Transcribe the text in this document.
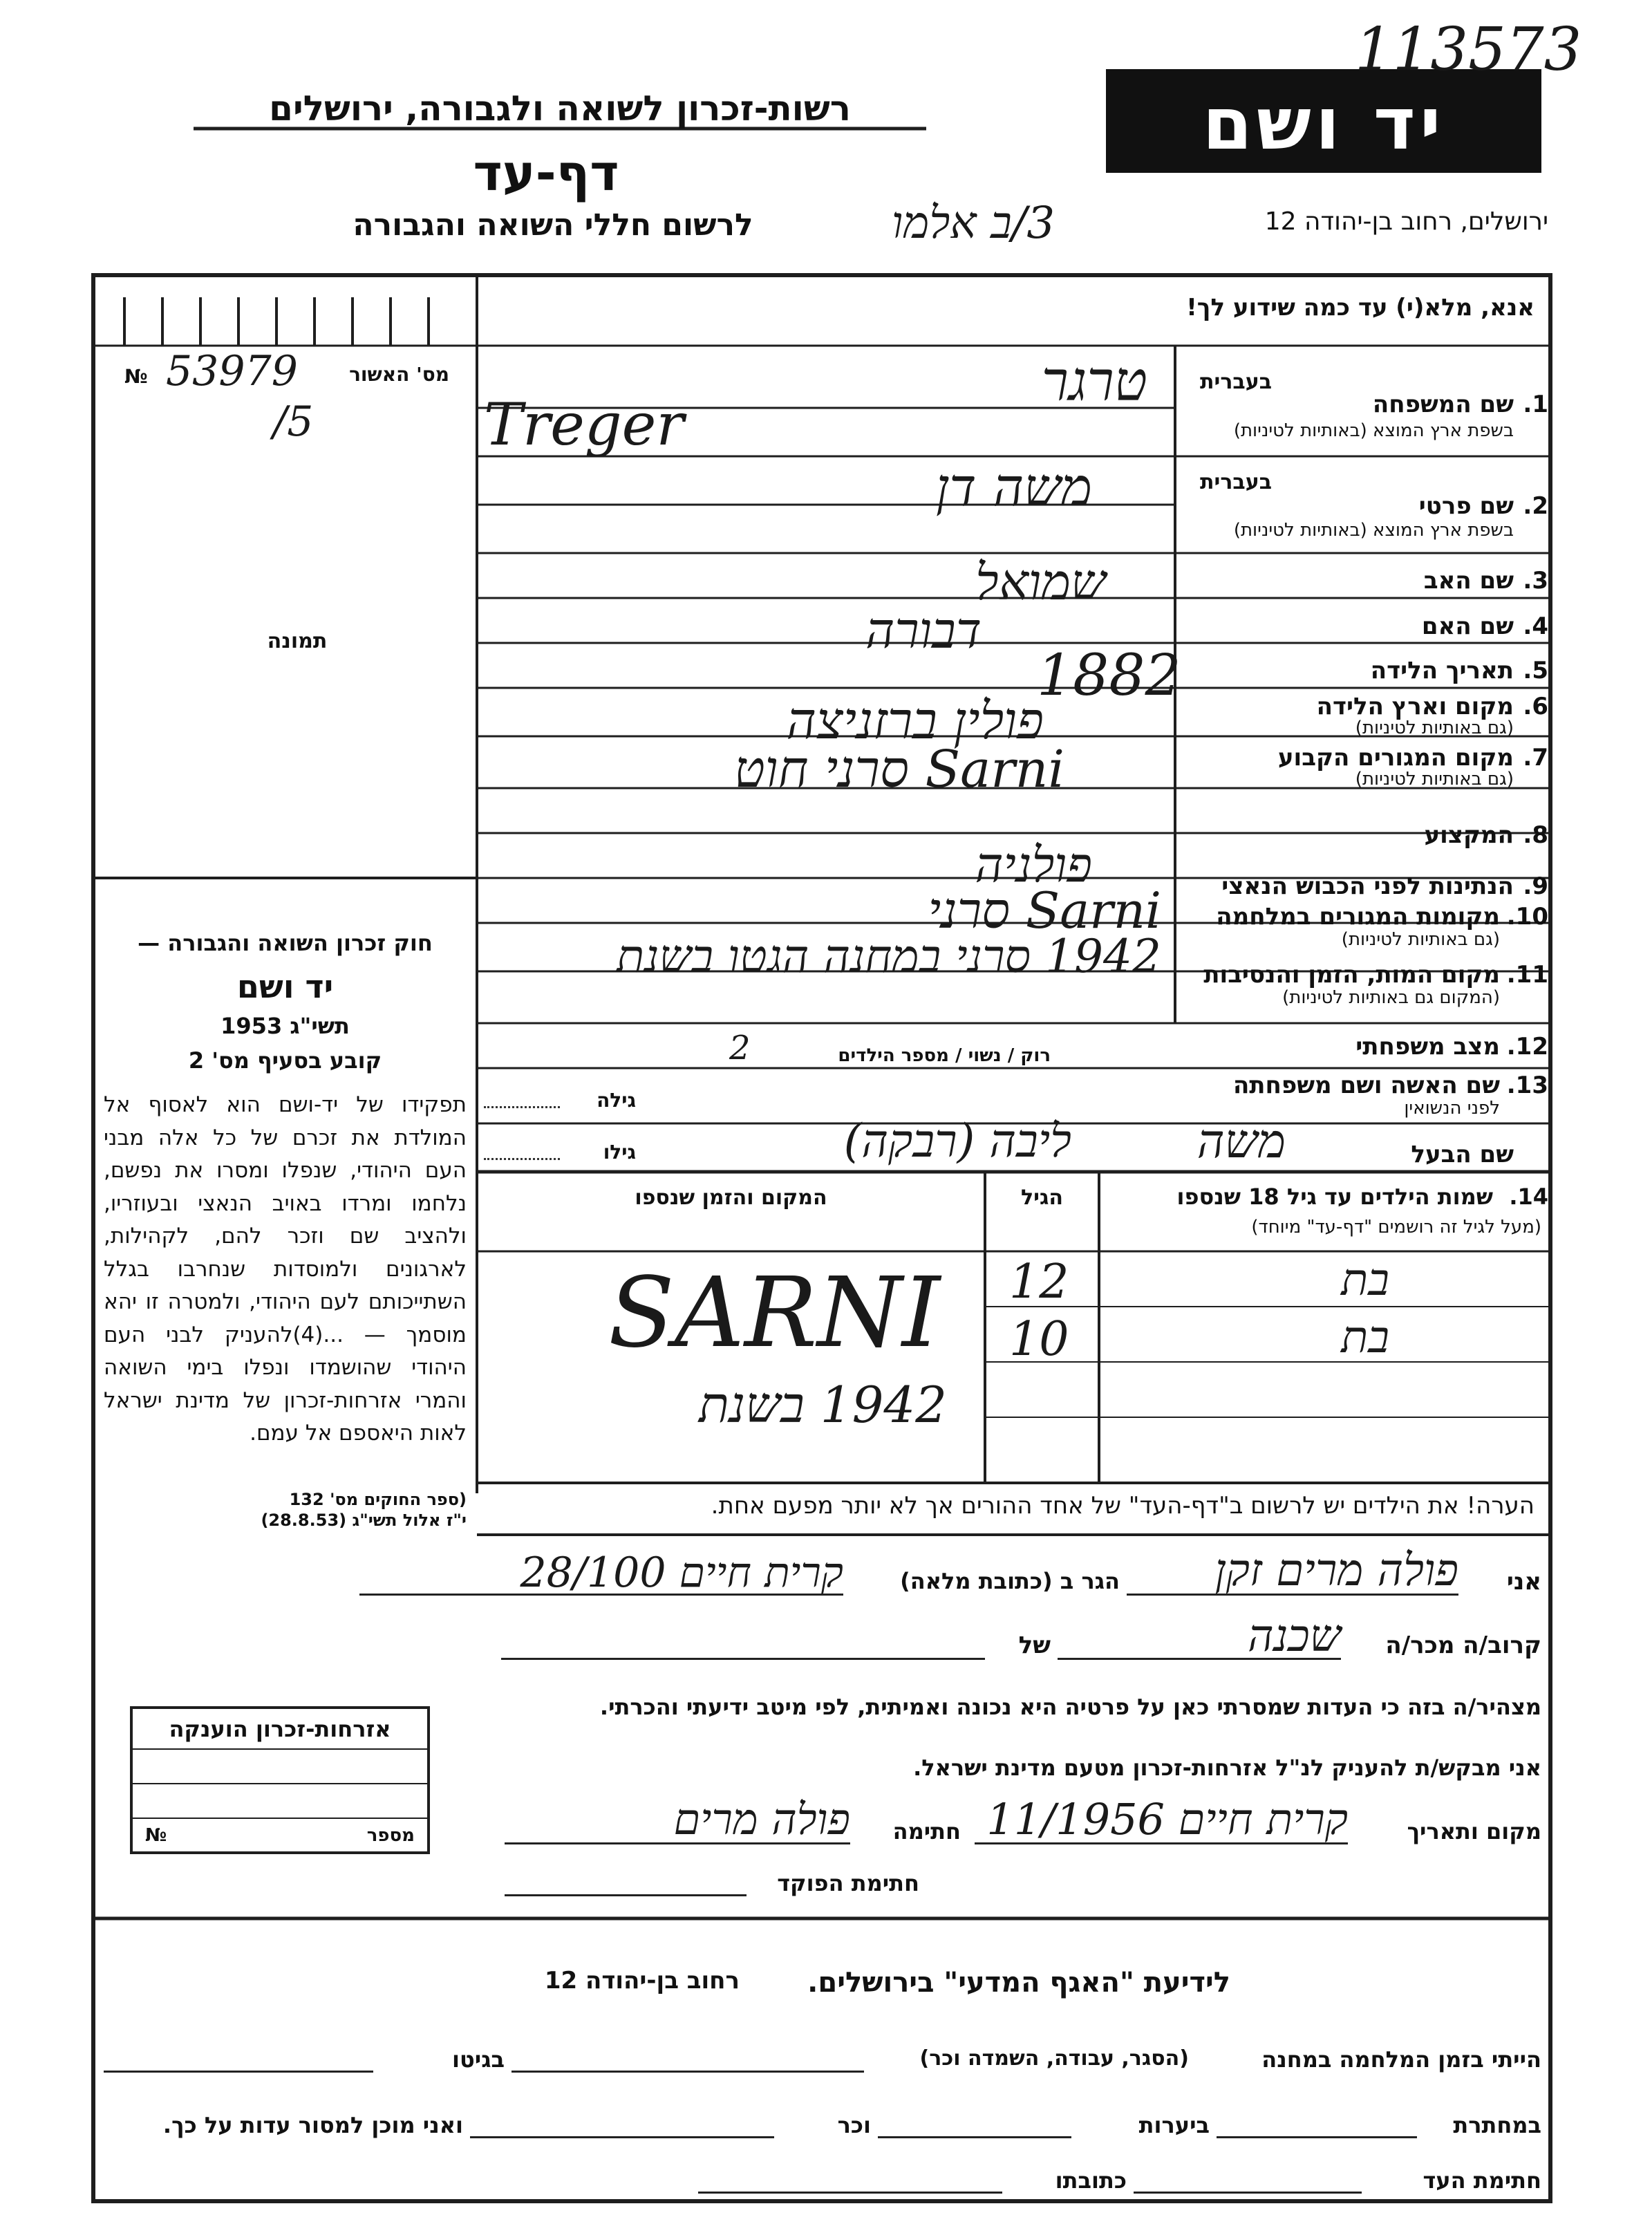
113573
יד ושם
רשות-זכרון לשואה ולגבורה, ירושלים
דף-עד
לרשום חללי השואה והגבורה	ירושלים, רחוב בן-יהודה 12
3/ב אלמו
אנא, מלא(י) עד כמה שידוע לך!
מס' האשור
№ 53979
/5
תמונה
בעברית
שם המשפחה 1.
בשפת ארץ המוצא (באותיות לטיניות)
בעברית
שם פרטי 2.
בשפת ארץ המוצא (באותיות לטיניות)
שם האב 3.
שם האם 4.
תאריך הלידה 5.
מקום וארץ הלידה 6.
(גם באותיות לטיניות)
מקום המגורים הקבוע 7.
(גם באותיות לטיניות)
המקצוע 8.
הנתינות לפני הכבוש הנאצי 9.
מקומות המגורים במלחמה 10.
(גם באותיות לטיניות)
מקום המות, הזמן והנסיבות 11.
(המקום גם באותיות לטיניות)
מצב משפחתי 12.
רוק / נשוי / מספר הילדים
שם האשה ושם משפחתה 13.
לפני הנשואין
גילה
שם הבעל
גילו
טרגר
Treger
משה דן
שמואל
דבורה
1882
פולין ברזניצה
Sarni סרני חוט
פולניה
Sarni סרני
1942 סרני במחנה הגטו בשנת
2
משה
ליבה (רבקה)
שמות הילדים עד גיל 18 שנספו 14.
(מעל לגיל זה רושמים "דף-עד" מיוחד)
הגיל
המקום והזמן שנספו
בת
12
בת
10
SARNI
1942 בשנת
חוק זכרון השואה והגבורה —
יד ושם
תשי"ג 1953
קובע בסעיף מס' 2
תפקידו של יד-ושם הוא לאסוף אל המולדת את זכרם של כל אלה מבני העם היהודי, שנפלו ומסרו את נפשם, נלחמו ומרדו באויב הנאצי ובעוזריו, ולהציב שם וזכר להם, לקהילות, לארגונים ולמוסדות שנחרבו בגלל השתייכותם לעם היהודי, ולמטרה זו יהא מוסמך — ...(4)להעניק לבני העם היהודי שהושמדו ונפלו בימי השואה והמרי אזרחות-זכרון של מדינת ישראל לאות היאספם אל עמם.
(ספר החוקים מס' 132
י"ז אלול תשי"ג (28.8.53)
הערה! את הילדים יש לרשום ב"דף-העד" של אחד ההורים אך לא יותר מפעם אחת.
אני
פולה מרים זקן
הגר ב (כתובת מלאה)
קרית חיים 28/100
קרוב/ה מכר/ה
שכנה
של
מצהיר/ה בזה כי העדות שמסרתי כאן על פרטיה היא נכונה ואמיתית, לפי מיטב ידיעתי והכרתי.
אני מבקש/ת להעניק לנ"ל אזרחות-זכרון מטעם מדינת ישראל.
מקום ותאריך
קרית חיים 11/1956
חתימה
פולה מרים
חתימת הפוקד
אזרחות-זכרון הוענקה
מספר
№
לידיעת "האגף המדעי" בירושלים.
רחוב בן-יהודה 12
הייתי בזמן המלחמה במחנה
(הסגר, עבודה, השמדה וכר)
בגיטו
במחתרת
ביערות
וכר
ואני מוכן למסור עדות על כך.
חתימת העד
כתובתו
